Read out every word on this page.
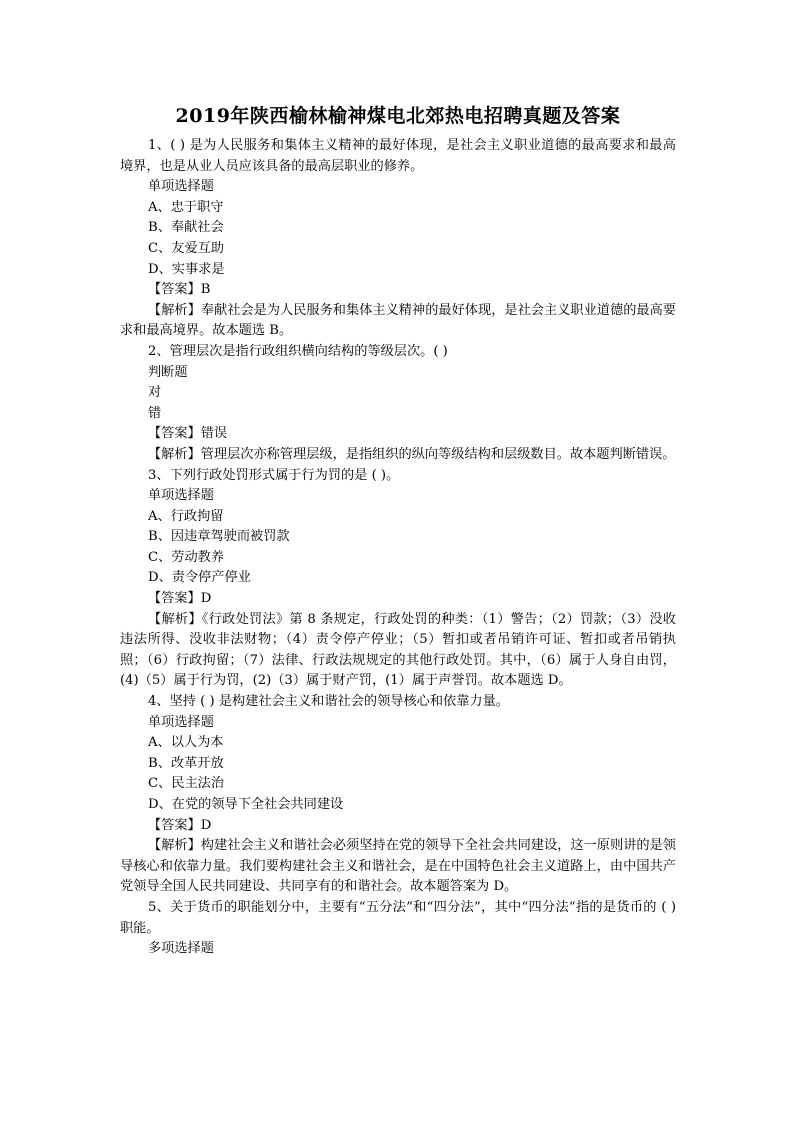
2019年陕西榆林榆神煤电北郊热电招聘真题及答案

1、( ) 是为人民服务和集体主义精神的最好体现，是社会主义职业道德的最高要求和最高境界，也是从业人员应该具备的最高层职业的修养。

单项选择题

A、忠于职守

B、奉献社会

C、友爱互助

D、实事求是

【答案】B

【解析】奉献社会是为人民服务和集体主义精神的最好体现，是社会主义职业道德的最高要求和最高境界。故本题选 B。

2、管理层次是指行政组织横向结构的等级层次。( )

判断题

对

错

【答案】错误

【解析】管理层次亦称管理层级，是指组织的纵向等级结构和层级数目。故本题判断错误。

3、下列行政处罚形式属于行为罚的是 ( )。

单项选择题

A、行政拘留

B、因违章驾驶而被罚款

C、劳动教养

D、责令停产停业

【答案】D

【解析】《行政处罚法》第 8 条规定，行政处罚的种类：（1）警告；（2）罚款；（3）没收违法所得、没收非法财物；（4）责令停产停业；（5）暂扣或者吊销许可证、暂扣或者吊销执照；（6）行政拘留；（7）法律、行政法规规定的其他行政处罚。其中，（6）属于人身自由罚，(4)（5）属于行为罚，(2)（3）属于财产罚，(1）属于声誉罚。故本题选 D。

4、坚持 ( ) 是构建社会主义和谐社会的领导核心和依靠力量。

单项选择题

A、以人为本

B、改革开放

C、民主法治

D、在党的领导下全社会共同建设

【答案】D

【解析】构建社会主义和谐社会必须坚持在党的领导下全社会共同建设，这一原则讲的是领导核心和依靠力量。我们要构建社会主义和谐社会，是在中国特色社会主义道路上，由中国共产党领导全国人民共同建设、共同享有的和谐社会。故本题答案为 D。

5、关于货币的职能划分中，主要有“五分法”和“四分法”，其中“四分法”指的是货币的 ( ) 职能。

多项选择题
